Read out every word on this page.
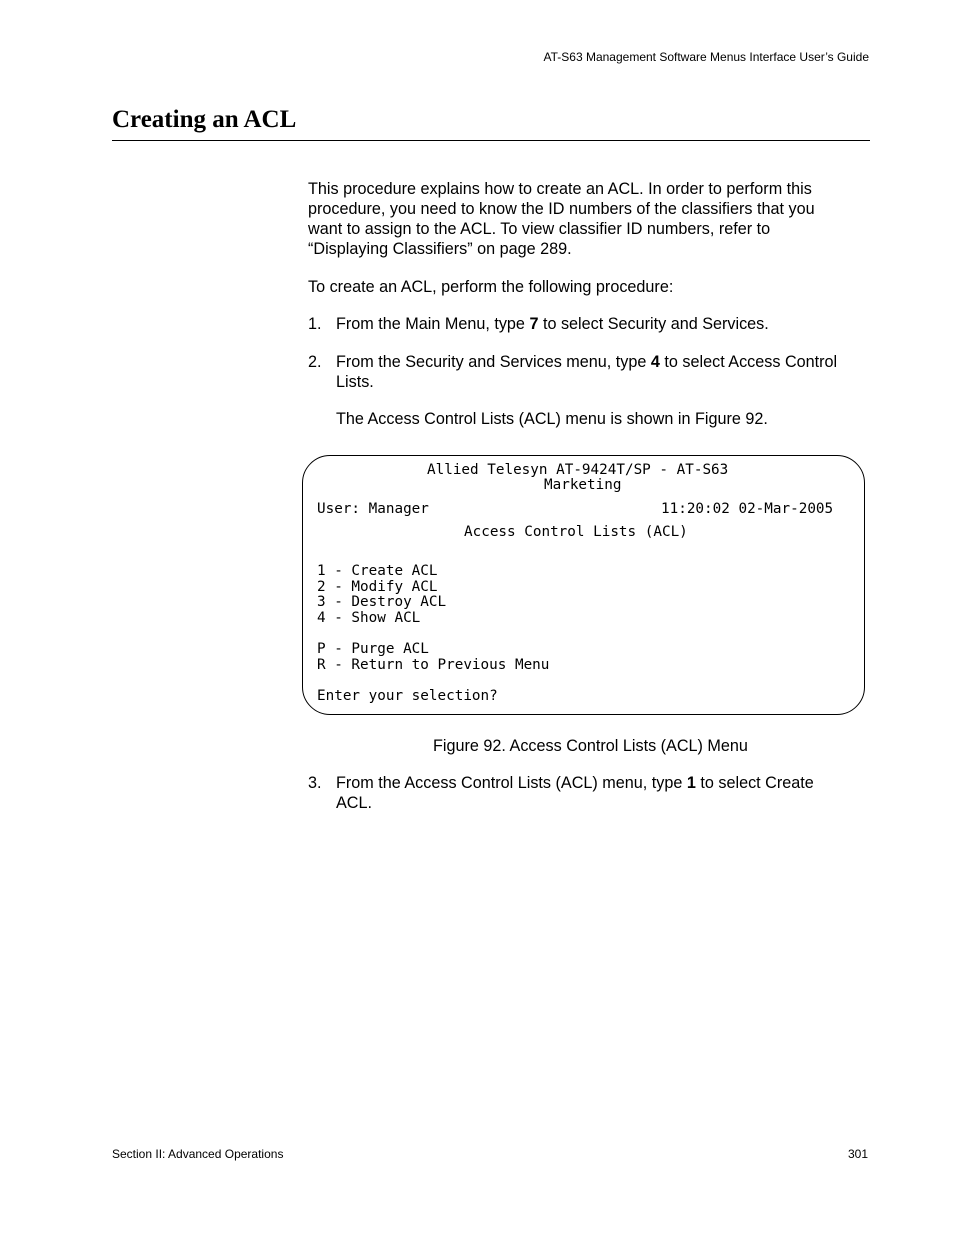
AT-S63 Management Software Menus Interface User’s Guide
Creating an ACL
This procedure explains how to create an ACL. In order to perform this
procedure, you need to know the ID numbers of the classifiers that you
want to assign to the ACL. To view classifier ID numbers, refer to
“Displaying Classifiers” on page 289.
To create an ACL, perform the following procedure:
1. From the Main Menu, type 7 to select Security and Services.
2. From the Security and Services menu, type 4 to select Access Control
Lists.
The Access Control Lists (ACL) menu is shown in Figure 92.
Allied Telesyn AT-9424T/SP - AT-S63
Marketing
User: Manager	11:20:02 02-Mar-2005
Access Control Lists (ACL)
1 - Create ACL
2 - Modify ACL
3 - Destroy ACL
4 - Show ACL
P - Purge ACL
R - Return to Previous Menu
Enter your selection?
Figure 92. Access Control Lists (ACL) Menu
3. From the Access Control Lists (ACL) menu, type 1 to select Create
ACL.
Section II: Advanced Operations	301
